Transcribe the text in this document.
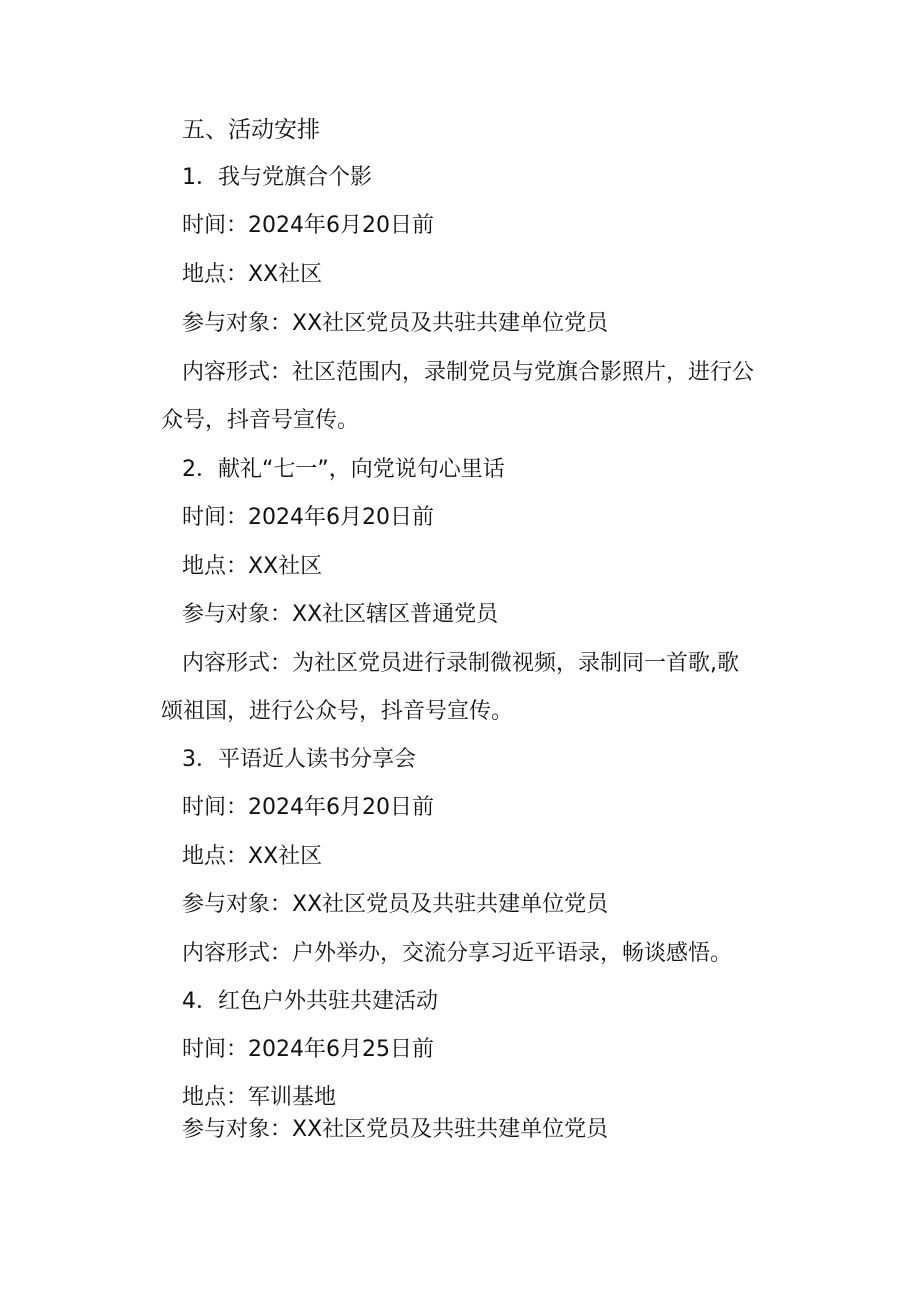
五、活动安排

1．我与党旗合个影

时间：2024年6月20日前

地点：XX社区

参与对象：XX社区党员及共驻共建单位党员

内容形式：社区范围内，录制党员与党旗合影照片，进行公

众号，抖音号宣传。

2．献礼“七一”，向党说句心里话

时间：2024年6月20日前

地点：XX社区

参与对象：XX社区辖区普通党员

内容形式：为社区党员进行录制微视频，录制同一首歌,歌

颂祖国，进行公众号，抖音号宣传。

3．平语近人读书分享会

时间：2024年6月20日前

地点：XX社区

参与对象：XX社区党员及共驻共建单位党员

内容形式：户外举办，交流分享习近平语录，畅谈感悟。

4．红色户外共驻共建活动

时间：2024年6月25日前

地点：军训基地

参与对象：XX社区党员及共驻共建单位党员
